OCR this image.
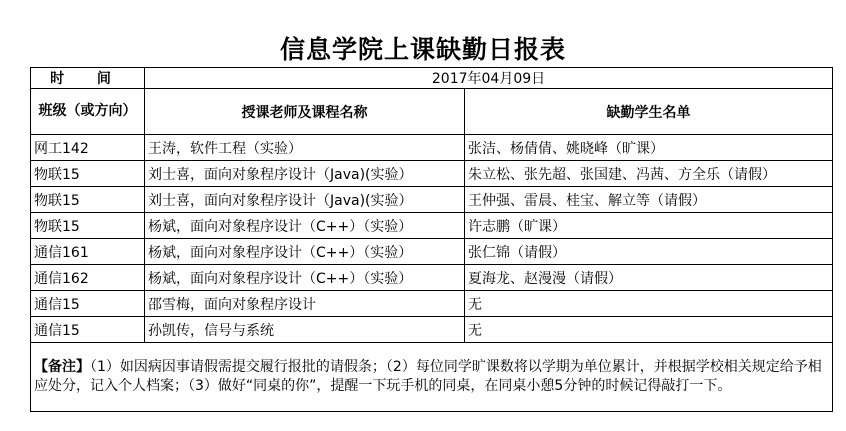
信息学院上课缺勤日报表
时 间	2017年04月09日	
班级（或方向）	授课老师及课程名称	缺勤学生名单
网工142	王涛，软件工程（实验）	张洁、杨倩倩、姚晓峰（旷课）
物联15	刘士喜，面向对象程序设计（Java)(实验）	朱立松、张先超、张国建、冯茜、方全乐（请假）
物联15	刘士喜，面向对象程序设计（Java)(实验）	王仲强、雷晨、桂宝、解立等（请假）
物联15	杨斌，面向对象程序设计（C++）（实验）	许志鹏（旷课）
通信161	杨斌，面向对象程序设计（C++）（实验）	张仁锦（请假）
通信162	杨斌，面向对象程序设计（C++）（实验）	夏海龙、赵漫漫（请假）
通信15	邵雪梅，面向对象程序设计	无
通信15	孙凯传，信号与系统	无
【备注】（1）如因病因事请假需提交履行报批的请假条；（2）每位同学旷课数将以学期为单位累计，并根据学校相关规定给予相应处分，记入个人档案；（3）做好“同桌的你”，提醒一下玩手机的同桌，在同桌小憩5分钟的时候记得敲打一下。		
